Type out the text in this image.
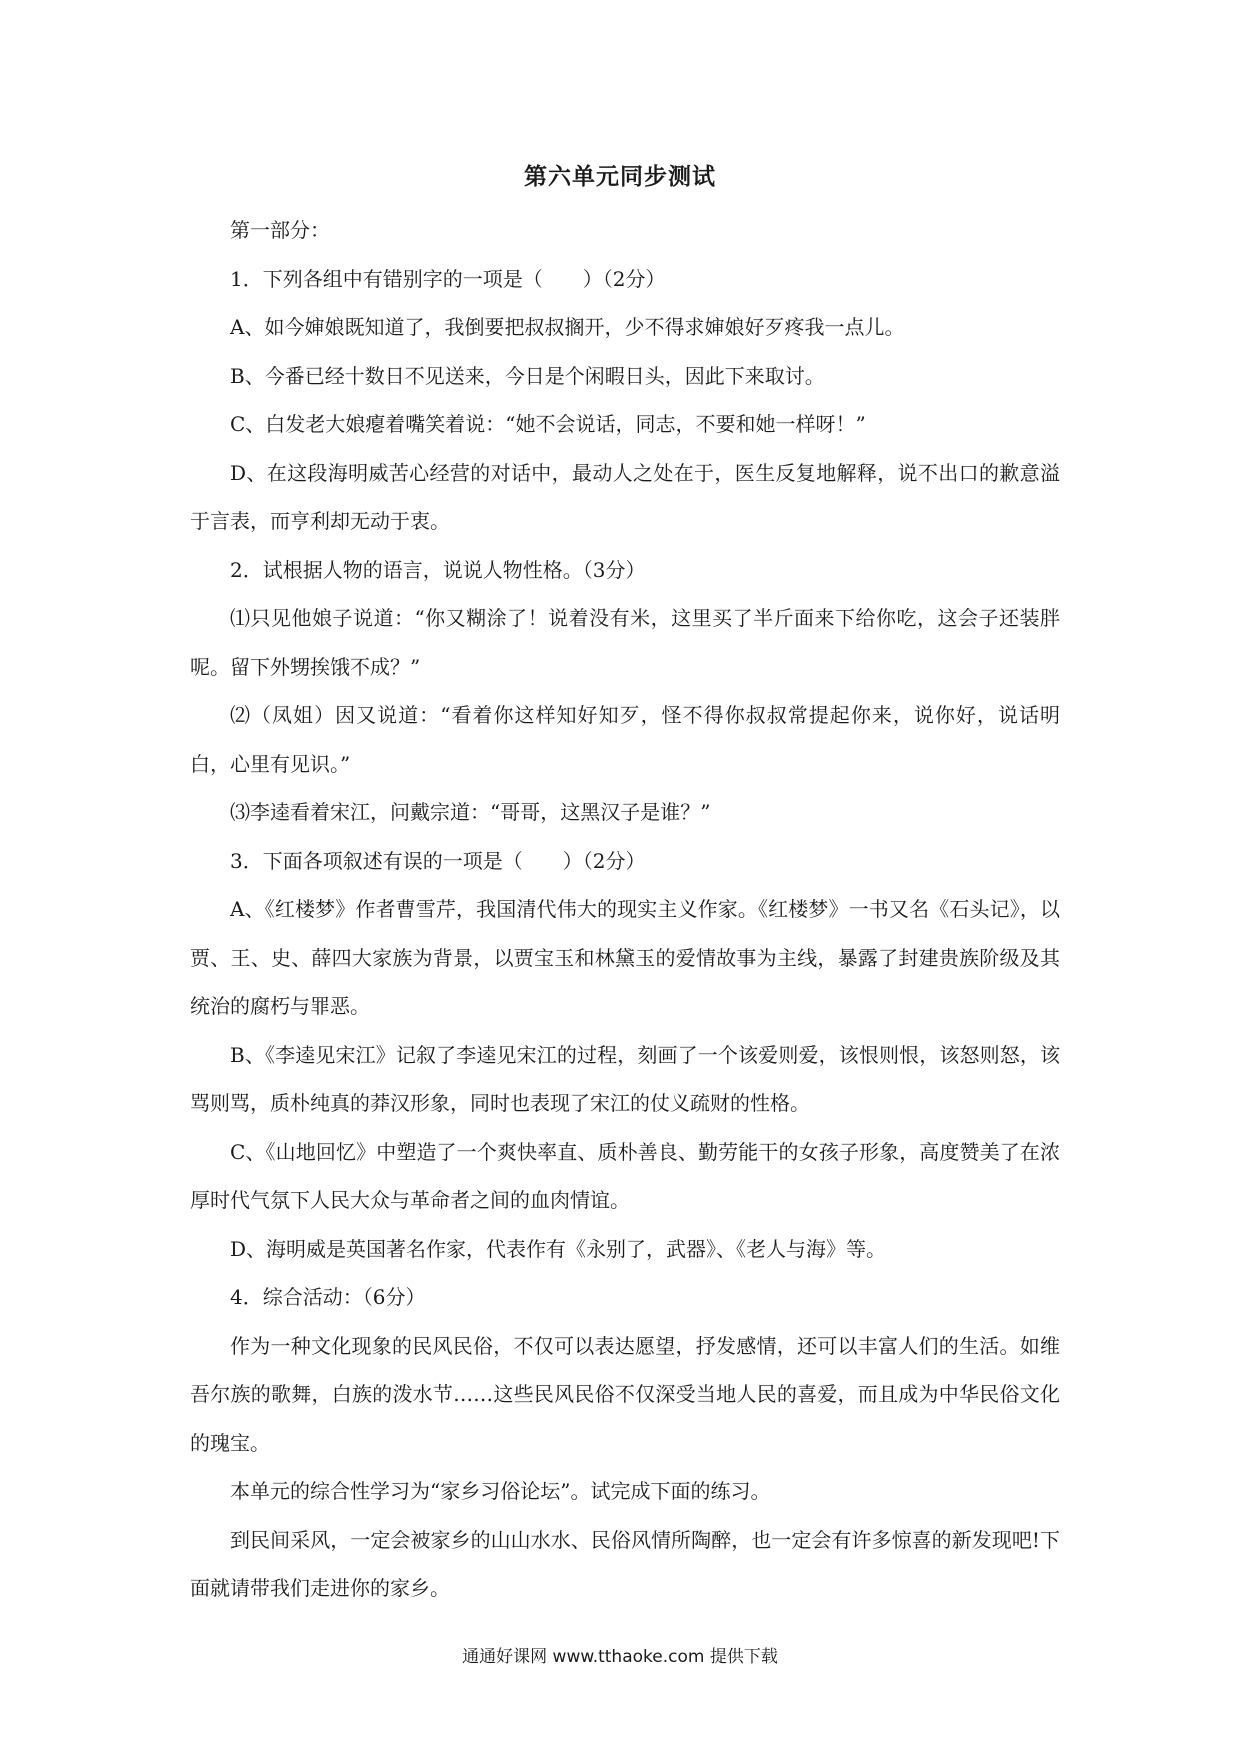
第六单元同步测试

第一部分：

1．下列各组中有错别字的一项是（　　）（2分）

A、如今婶娘既知道了，我倒要把叔叔搁开，少不得求婶娘好歹疼我一点儿。

B、今番已经十数日不见送来，今日是个闲暇日头，因此下来取讨。

C、白发老大娘瘪着嘴笑着说：“她不会说话，同志，不要和她一样呀！”

D、在这段海明威苦心经营的对话中，最动人之处在于，医生反复地解释，说不出口的歉意溢于言表，而亨利却无动于衷。

2．试根据人物的语言，说说人物性格。（3分）

⑴只见他娘子说道：“你又糊涂了！说着没有米，这里买了半斤面来下给你吃，这会子还装胖呢。留下外甥挨饿不成？”

⑵（凤姐）因又说道：“看着你这样知好知歹，怪不得你叔叔常提起你来，说你好，说话明白，心里有见识。”

⑶李逵看着宋江，问戴宗道：“哥哥，这黑汉子是谁？”

3．下面各项叙述有误的一项是（　　）（2分）

A、《红楼梦》作者曹雪芹，我国清代伟大的现实主义作家。《红楼梦》一书又名《石头记》，以贾、王、史、薛四大家族为背景，以贾宝玉和林黛玉的爱情故事为主线，暴露了封建贵族阶级及其统治的腐朽与罪恶。

B、《李逵见宋江》记叙了李逵见宋江的过程，刻画了一个该爱则爱，该恨则恨，该怒则怒，该骂则骂，质朴纯真的莽汉形象，同时也表现了宋江的仗义疏财的性格。

C、《山地回忆》中塑造了一个爽快率直、质朴善良、勤劳能干的女孩子形象，高度赞美了在浓厚时代气氛下人民大众与革命者之间的血肉情谊。

D、海明威是英国著名作家，代表作有《永别了，武器》、《老人与海》等。

4．综合活动：（6分）

作为一种文化现象的民风民俗，不仅可以表达愿望，抒发感情，还可以丰富人们的生活。如维吾尔族的歌舞，白族的泼水节……这些民风民俗不仅深受当地人民的喜爱，而且成为中华民俗文化的瑰宝。

本单元的综合性学习为“家乡习俗论坛”。试完成下面的练习。

到民间采风，一定会被家乡的山山水水、民俗风情所陶醉，也一定会有许多惊喜的新发现吧!下面就请带我们走进你的家乡。

通通好课网 www.tthaoke.com 提供下载
